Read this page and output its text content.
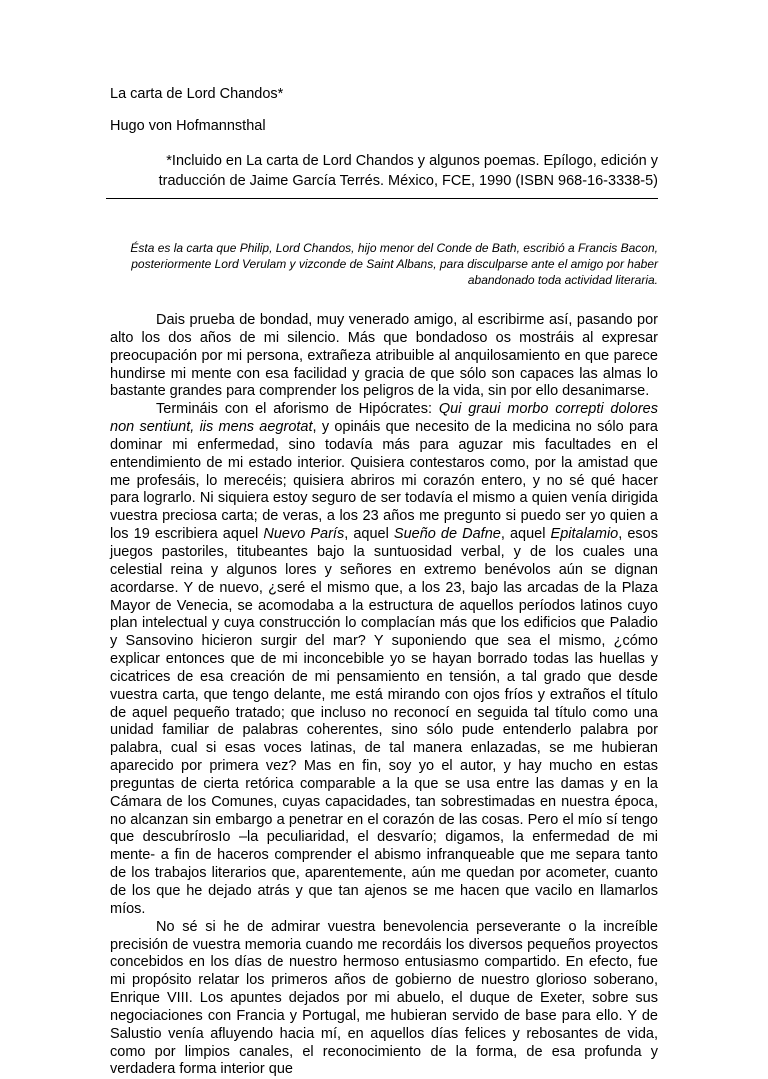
La carta de Lord Chandos*
Hugo von Hofmannsthal

*Incluido en La carta de Lord Chandos y algunos poemas. Epílogo, edición y traducción de Jaime García Terrés. México, FCE, 1990 (ISBN 968-16-3338-5)

Ésta es la carta que Philip, Lord Chandos, hijo menor del Conde de Bath, escribió a Francis Bacon, posteriormente Lord Verulam y vizconde de Saint Albans, para disculparse ante el amigo por haber abandonado toda actividad literaria.

Dais prueba de bondad, muy venerado amigo, al escribirme así, pasando por alto los dos años de mi silencio. Más que bondadoso os mostráis al expresar preocupación por mi persona, extrañeza atribuible al anquilosamiento en que parece hundirse mi mente con esa facilidad y gracia de que sólo son capaces las almas lo bastante grandes para comprender los peligros de la vida, sin por ello desanimarse.

Termináis con el aforismo de Hipócrates: Qui graui morbo correpti dolores non sentiunt, iis mens aegrotat, y opináis que necesito de la medicina no sólo para dominar mi enfermedad, sino todavía más para aguzar mis facultades en el entendimiento de mi estado interior. Quisiera contestaros como, por la amistad que me profesáis, lo merecéis; quisiera abriros mi corazón entero, y no sé qué hacer para lograrlo. Ni siquiera estoy seguro de ser todavía el mismo a quien venía dirigida vuestra preciosa carta; de veras, a los 23 años me pregunto si puedo ser yo quien a los 19 escribiera aquel Nuevo París, aquel Sueño de Dafne, aquel Epitalamio, esos juegos pastoriles, titubeantes bajo la suntuosidad verbal, y de los cuales una celestial reina y algunos lores y señores en extremo benévolos aún se dignan acordarse. Y de nuevo, ¿seré el mismo que, a los 23, bajo las arcadas de la Plaza Mayor de Venecia, se acomodaba a la estructura de aquellos períodos latinos cuyo plan intelectual y cuya construcción lo complacían más que los edificios que Paladio y Sansovino hicieron surgir del mar? Y suponiendo que sea el mismo, ¿cómo explicar entonces que de mi inconcebible yo se hayan borrado todas las huellas y cicatrices de esa creación de mi pensamiento en tensión, a tal grado que desde vuestra carta, que tengo delante, me está mirando con ojos fríos y extraños el título de aquel pequeño tratado; que incluso no reconocí en seguida tal título como una unidad familiar de palabras coherentes, sino sólo pude entenderlo palabra por palabra, cual si esas voces latinas, de tal manera enlazadas, se me hubieran aparecido por primera vez? Mas en fin, soy yo el autor, y hay mucho en estas preguntas de cierta retórica comparable a la que se usa entre las damas y en la Cámara de los Comunes, cuyas capacidades, tan sobrestimadas en nuestra época, no alcanzan sin embargo a penetrar en el corazón de las cosas. Pero el mío sí tengo que descubrírosIo –la peculiaridad, el desvarío; digamos, la enfermedad de mi mente- a fin de haceros comprender el abismo infranqueable que me separa tanto de los trabajos literarios que, aparentemente, aún me quedan por acometer, cuanto de los que he dejado atrás y que tan ajenos se me hacen que vacilo en llamarlos míos.

No sé si he de admirar vuestra benevolencia perseverante o la increíble precisión de vuestra memoria cuando me recordáis los diversos pequeños proyectos concebidos en los días de nuestro hermoso entusiasmo compartido. En efecto, fue mi propósito relatar los primeros años de gobierno de nuestro glorioso soberano, Enrique VIII. Los apuntes dejados por mi abuelo, el duque de Exeter, sobre sus negociaciones con Francia y Portugal, me hubieran servido de base para ello. Y de Salustio venía afluyendo hacia mí, en aquellos días felices y rebosantes de vida, como por limpios canales, el reconocimiento de la forma, de esa profunda y verdadera forma interior que
